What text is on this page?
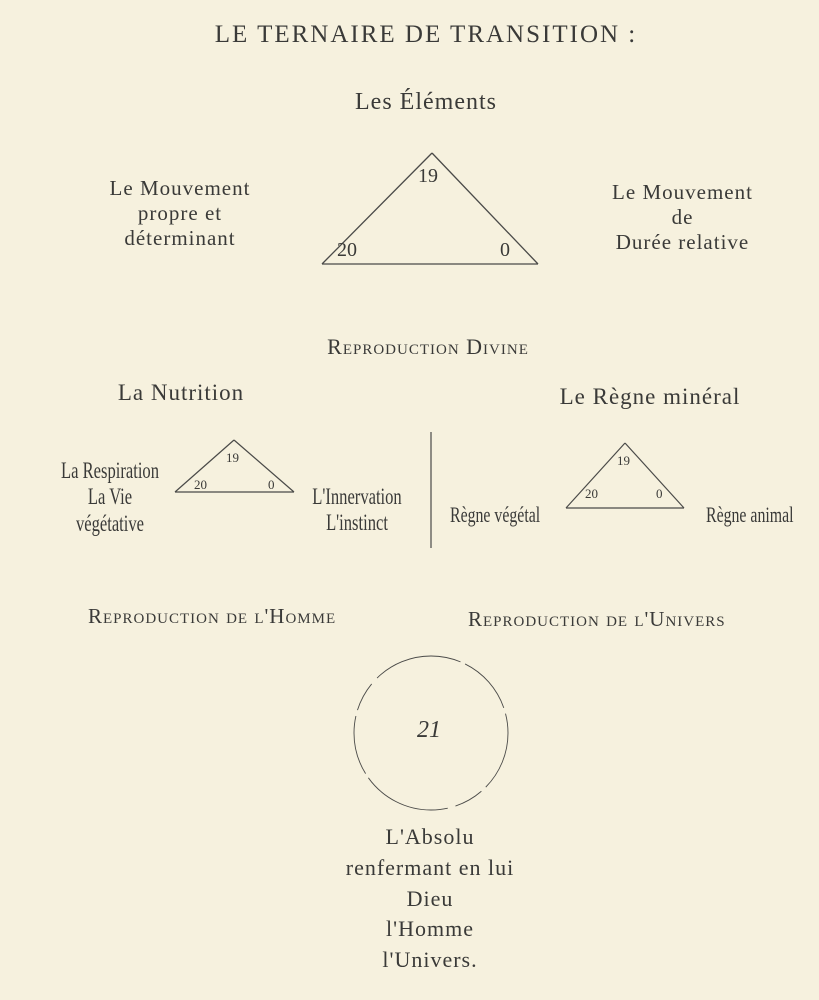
LE TERNAIRE DE TRANSITION :
Les Éléments
Le Mouvement
propre et
déterminant
Le Mouvement
de
Durée relative
19
20	0
Reproduction Divine
La Nutrition
La Respiration
La Vie
végétative
L'Innervation
L'instinct
19
20	0
Reproduction de l'Homme
Le Règne minéral
Règne végétal	Règne animal
19
20	0
Reproduction de l'Univers
21
L'Absolu
renfermant en lui
Dieu
l'Homme
l'Univers.
